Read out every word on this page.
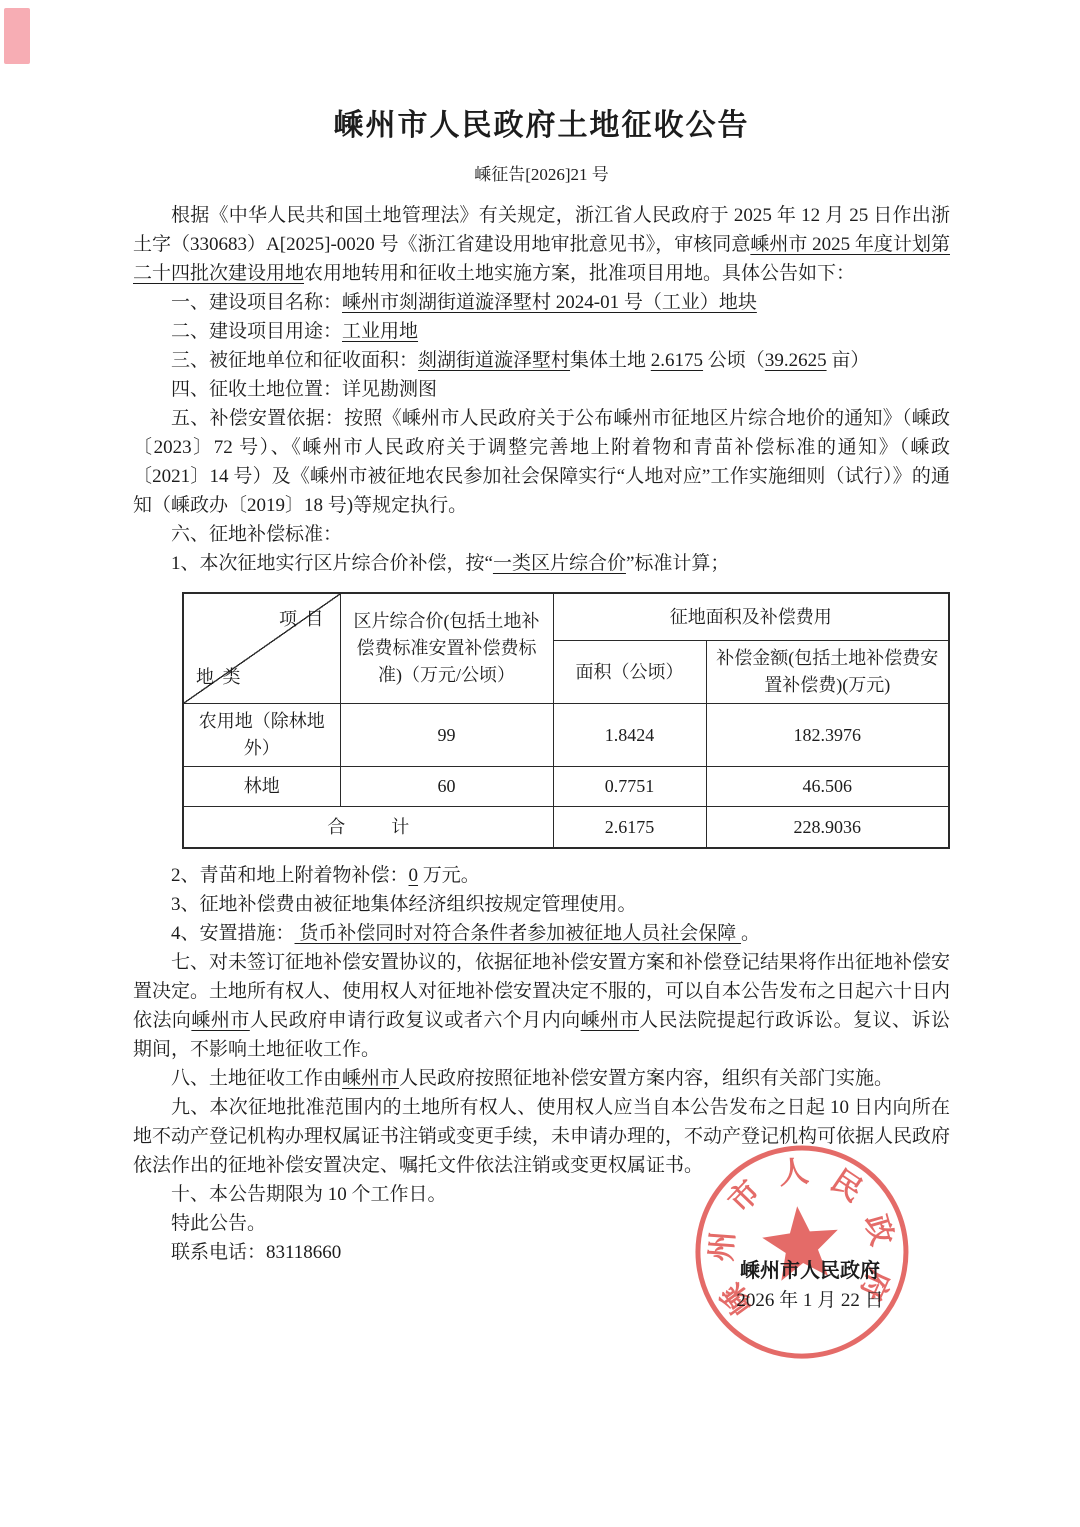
嵊州市人民政府土地征收公告
嵊征告[2026]21 号

根据《中华人民共和国土地管理法》有关规定，浙江省人民政府于 2025 年 12 月 25 日作出浙土字（330683）A[2025]-0020 号《浙江省建设用地审批意见书》，审核同意嵊州市 2025 年度计划第二十四批次建设用地农用地转用和征收土地实施方案，批准项目用地。具体公告如下：

一、建设项目名称：嵊州市剡湖街道漩泽墅村 2024-01 号（工业）地块

二、建设项目用途：工业用地

三、被征地单位和征收面积：剡湖街道漩泽墅村集体土地 2.6175 公顷（39.2625 亩）

四、征收土地位置：详见勘测图

五、补偿安置依据：按照《嵊州市人民政府关于公布嵊州市征地区片综合地价的通知》（嵊政〔2023〕72 号）、《嵊州市人民政府关于调整完善地上附着物和青苗补偿标准的通知》（嵊政〔2021〕14 号）及《嵊州市被征地农民参加社会保障实行“人地对应”工作实施细则（试行）》的通知（嵊政办〔2019〕18 号)等规定执行。

六、征地补偿标准：

1、本次征地实行区片综合价补偿，按“一类区片综合价”标准计算；

项 目
地 类	区片综合价(包括土地补偿费标准安置补偿费标准)（万元/公顷）	征地面积及补偿费用	
		面积（公顷）	补偿金额(包括土地补偿费安置补偿费)(万元)
农用地（除林地外）	99	1.8424	182.3976
林地	60	0.7751	46.506
合　计		2.6175	228.9036

2、青苗和地上附着物补偿：0 万元。

3、征地补偿费由被征地集体经济组织按规定管理使用。

4、安置措施： 货币补偿同时对符合条件者参加被征地人员社会保障 。

七、对未签订征地补偿安置协议的，依据征地补偿安置方案和补偿登记结果将作出征地补偿安置决定。土地所有权人、使用权人对征地补偿安置决定不服的，可以自本公告发布之日起六十日内依法向嵊州市人民政府申请行政复议或者六个月内向嵊州市人民法院提起行政诉讼。复议、诉讼期间，不影响土地征收工作。

八、土地征收工作由嵊州市人民政府按照征地补偿安置方案内容，组织有关部门实施。

九、本次征地批准范围内的土地所有权人、使用权人应当自本公告发布之日起 10 日内向所在地不动产登记机构办理权属证书注销或变更手续，未申请办理的，不动产登记机构可依据人民政府依法作出的征地补偿安置决定、嘱托文件依法注销或变更权属证书。

十、本公告期限为 10 个工作日。

特此公告。

联系电话：83118660

嵊
州
市
人 民
政
府
嵊州市人民政府
2026 年 1 月 22 日
